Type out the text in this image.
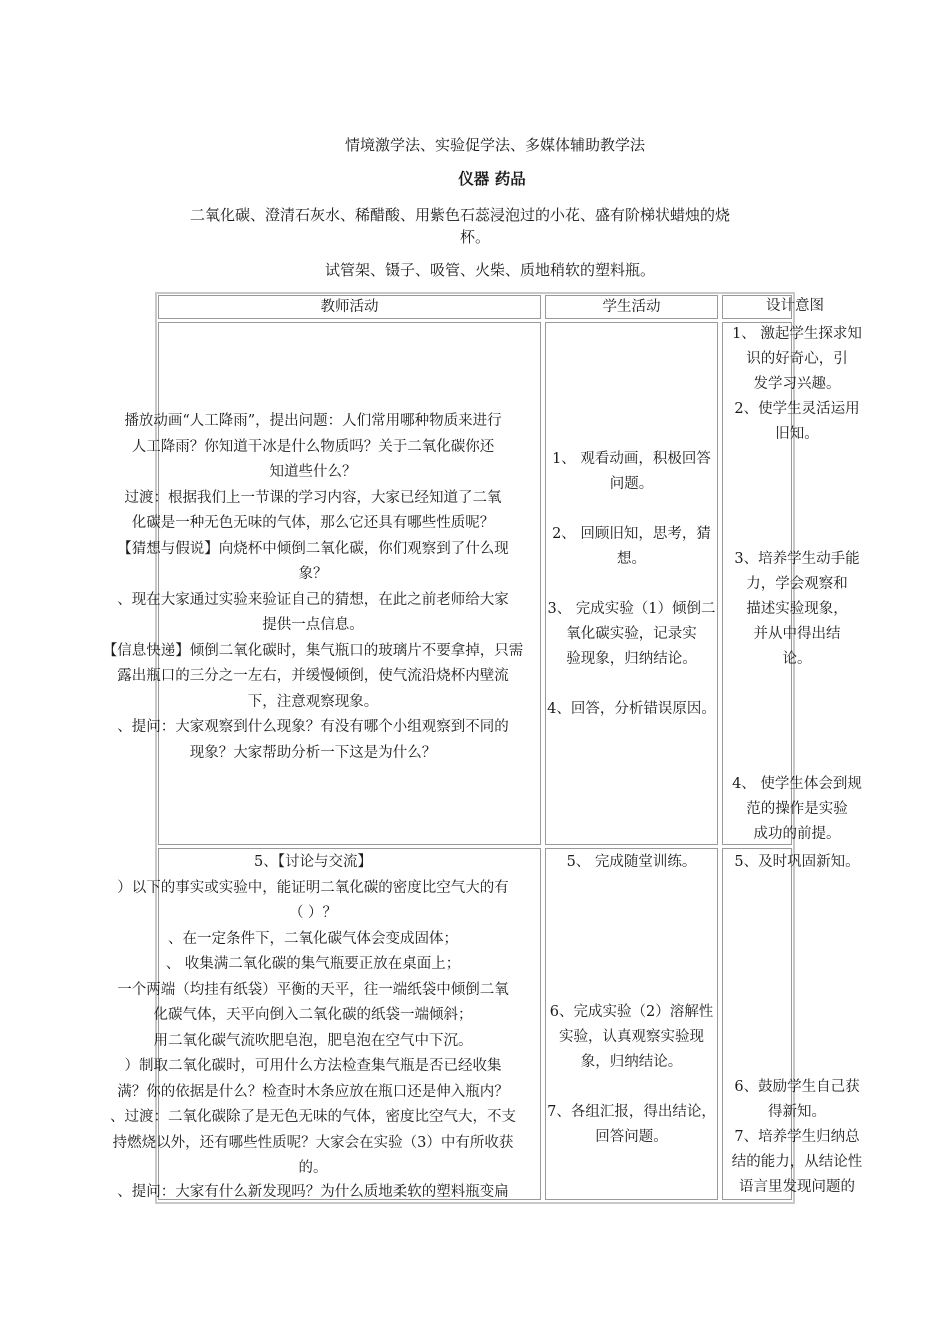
情境激学法、实验促学法、多媒体辅助教学法

仪器 药品

二氧化碳、澄清石灰水、稀醋酸、用紫色石蕊浸泡过的小花、盛有阶梯状蜡烛的烧

杯。

试管架、镊子、吸管、火柴、质地稍软的塑料瓶。

教师活动	学生活动	设计意图
播放动画“人工降雨”，提出问题：人们常用哪种物质来进行
人工降雨？你知道干冰是什么物质吗？关于二氧化碳你还
知道些什么？
过渡：根据我们上一节课的学习内容，大家已经知道了二氧
化碳是一种无色无味的气体，那么它还具有哪些性质呢？
【猜想与假说】向烧杯中倾倒二氧化碳，你们观察到了什么现
象？
、现在大家通过实验来验证自己的猜想，在此之前老师给大家
提供一点信息。
【信息快递】倾倒二氧化碳时，集气瓶口的玻璃片不要拿掉，只需
露出瓶口的三分之一左右，并缓慢倾倒，使气流沿烧杯内壁流
下，注意观察现象。
、提问：大家观察到什么现象？有没有哪个小组观察到不同的
现象？大家帮助分析一下这是为什么？
1、 观看动画，积极回答
问题。
2、 回顾旧知，思考，猜
想。
3、 完成实验（1）倾倒二
氧化碳实验，记录实
验现象，归纳结论。
4、回答，分析错误原因。
1、 激起学生探求知
识的好奇心，引
发学习兴趣。
2、使学生灵活运用
旧知。
3、培养学生动手能
力，学会观察和
描述实验现象，
并从中得出结
论。
4、 使学生体会到规
范的操作是实验
成功的前提。
5、【讨论与交流】
）以下的事实或实验中，能证明二氧化碳的密度比空气大的有
（ ）？
、在一定条件下，二氧化碳气体会变成固体；
、 收集满二氧化碳的集气瓶要正放在桌面上；
一个两端（均挂有纸袋）平衡的天平，往一端纸袋中倾倒二氧
化碳气体，天平向倒入二氧化碳的纸袋一端倾斜；
用二氧化碳气流吹肥皂泡，肥皂泡在空气中下沉。
）制取二氧化碳时，可用什么方法检查集气瓶是否已经收集
满？你的依据是什么？检查时木条应放在瓶口还是伸入瓶内？
、过渡：二氧化碳除了是无色无味的气体，密度比空气大，不支
持燃烧以外，还有哪些性质呢？大家会在实验（3）中有所收获
的。
、提问：大家有什么新发现吗？为什么质地柔软的塑料瓶变扁
5、 完成随堂训练。
6、完成实验（2）溶解性
实验，认真观察实验现
象，归纳结论。
7、各组汇报，得出结论，
回答问题。
5、及时巩固新知。
6、鼓励学生自己获
得新知。
7、培养学生归纳总
结的能力，从结论性
语言里发现问题的
